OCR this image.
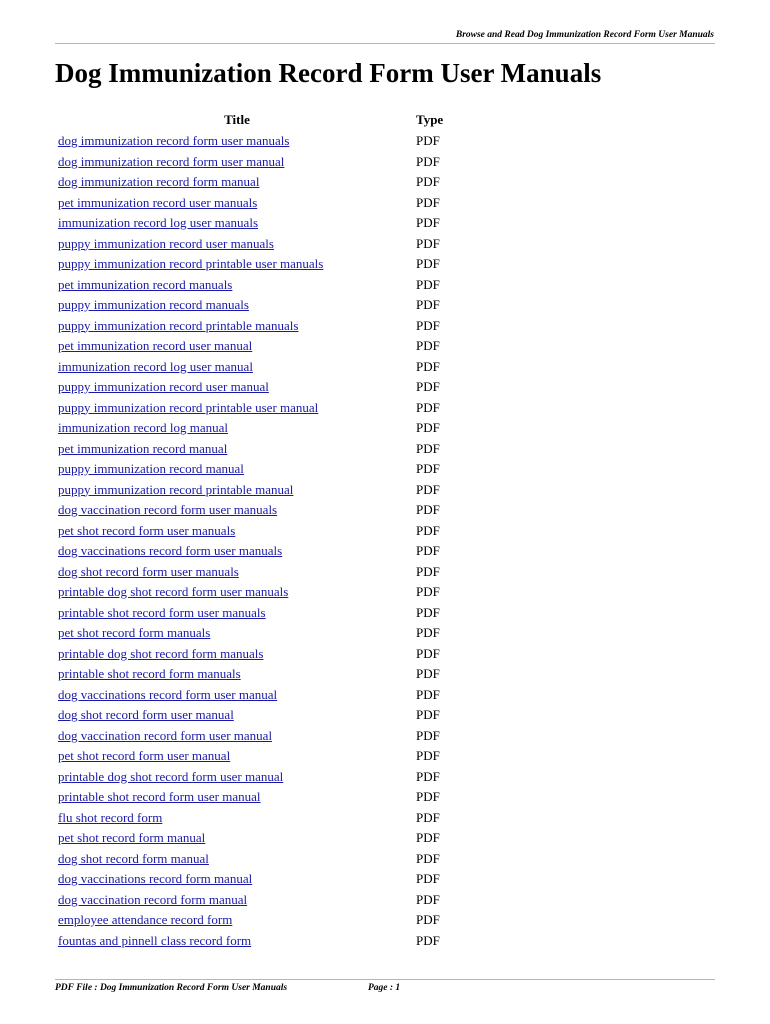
Browse and Read Dog Immunization Record Form User Manuals
Dog Immunization Record Form User Manuals
Title	Type
dog immunization record form user manuals	PDF
dog immunization record form user manual	PDF
dog immunization record form manual	PDF
pet immunization record user manuals	PDF
immunization record log user manuals	PDF
puppy immunization record user manuals	PDF
puppy immunization record printable user manuals	PDF
pet immunization record manuals	PDF
puppy immunization record manuals	PDF
puppy immunization record printable manuals	PDF
pet immunization record user manual	PDF
immunization record log user manual	PDF
puppy immunization record user manual	PDF
puppy immunization record printable user manual	PDF
immunization record log manual	PDF
pet immunization record manual	PDF
puppy immunization record manual	PDF
puppy immunization record printable manual	PDF
dog vaccination record form user manuals	PDF
pet shot record form user manuals	PDF
dog vaccinations record form user manuals	PDF
dog shot record form user manuals	PDF
printable dog shot record form user manuals	PDF
printable shot record form user manuals	PDF
pet shot record form manuals	PDF
printable dog shot record form manuals	PDF
printable shot record form manuals	PDF
dog vaccinations record form user manual	PDF
dog shot record form user manual	PDF
dog vaccination record form user manual	PDF
pet shot record form user manual	PDF
printable dog shot record form user manual	PDF
printable shot record form user manual	PDF
flu shot record form	PDF
pet shot record form manual	PDF
dog shot record form manual	PDF
dog vaccinations record form manual	PDF
dog vaccination record form manual	PDF
employee attendance record form	PDF
fountas and pinnell class record form	PDF
PDF File : Dog Immunization Record Form User Manuals	Page : 1
